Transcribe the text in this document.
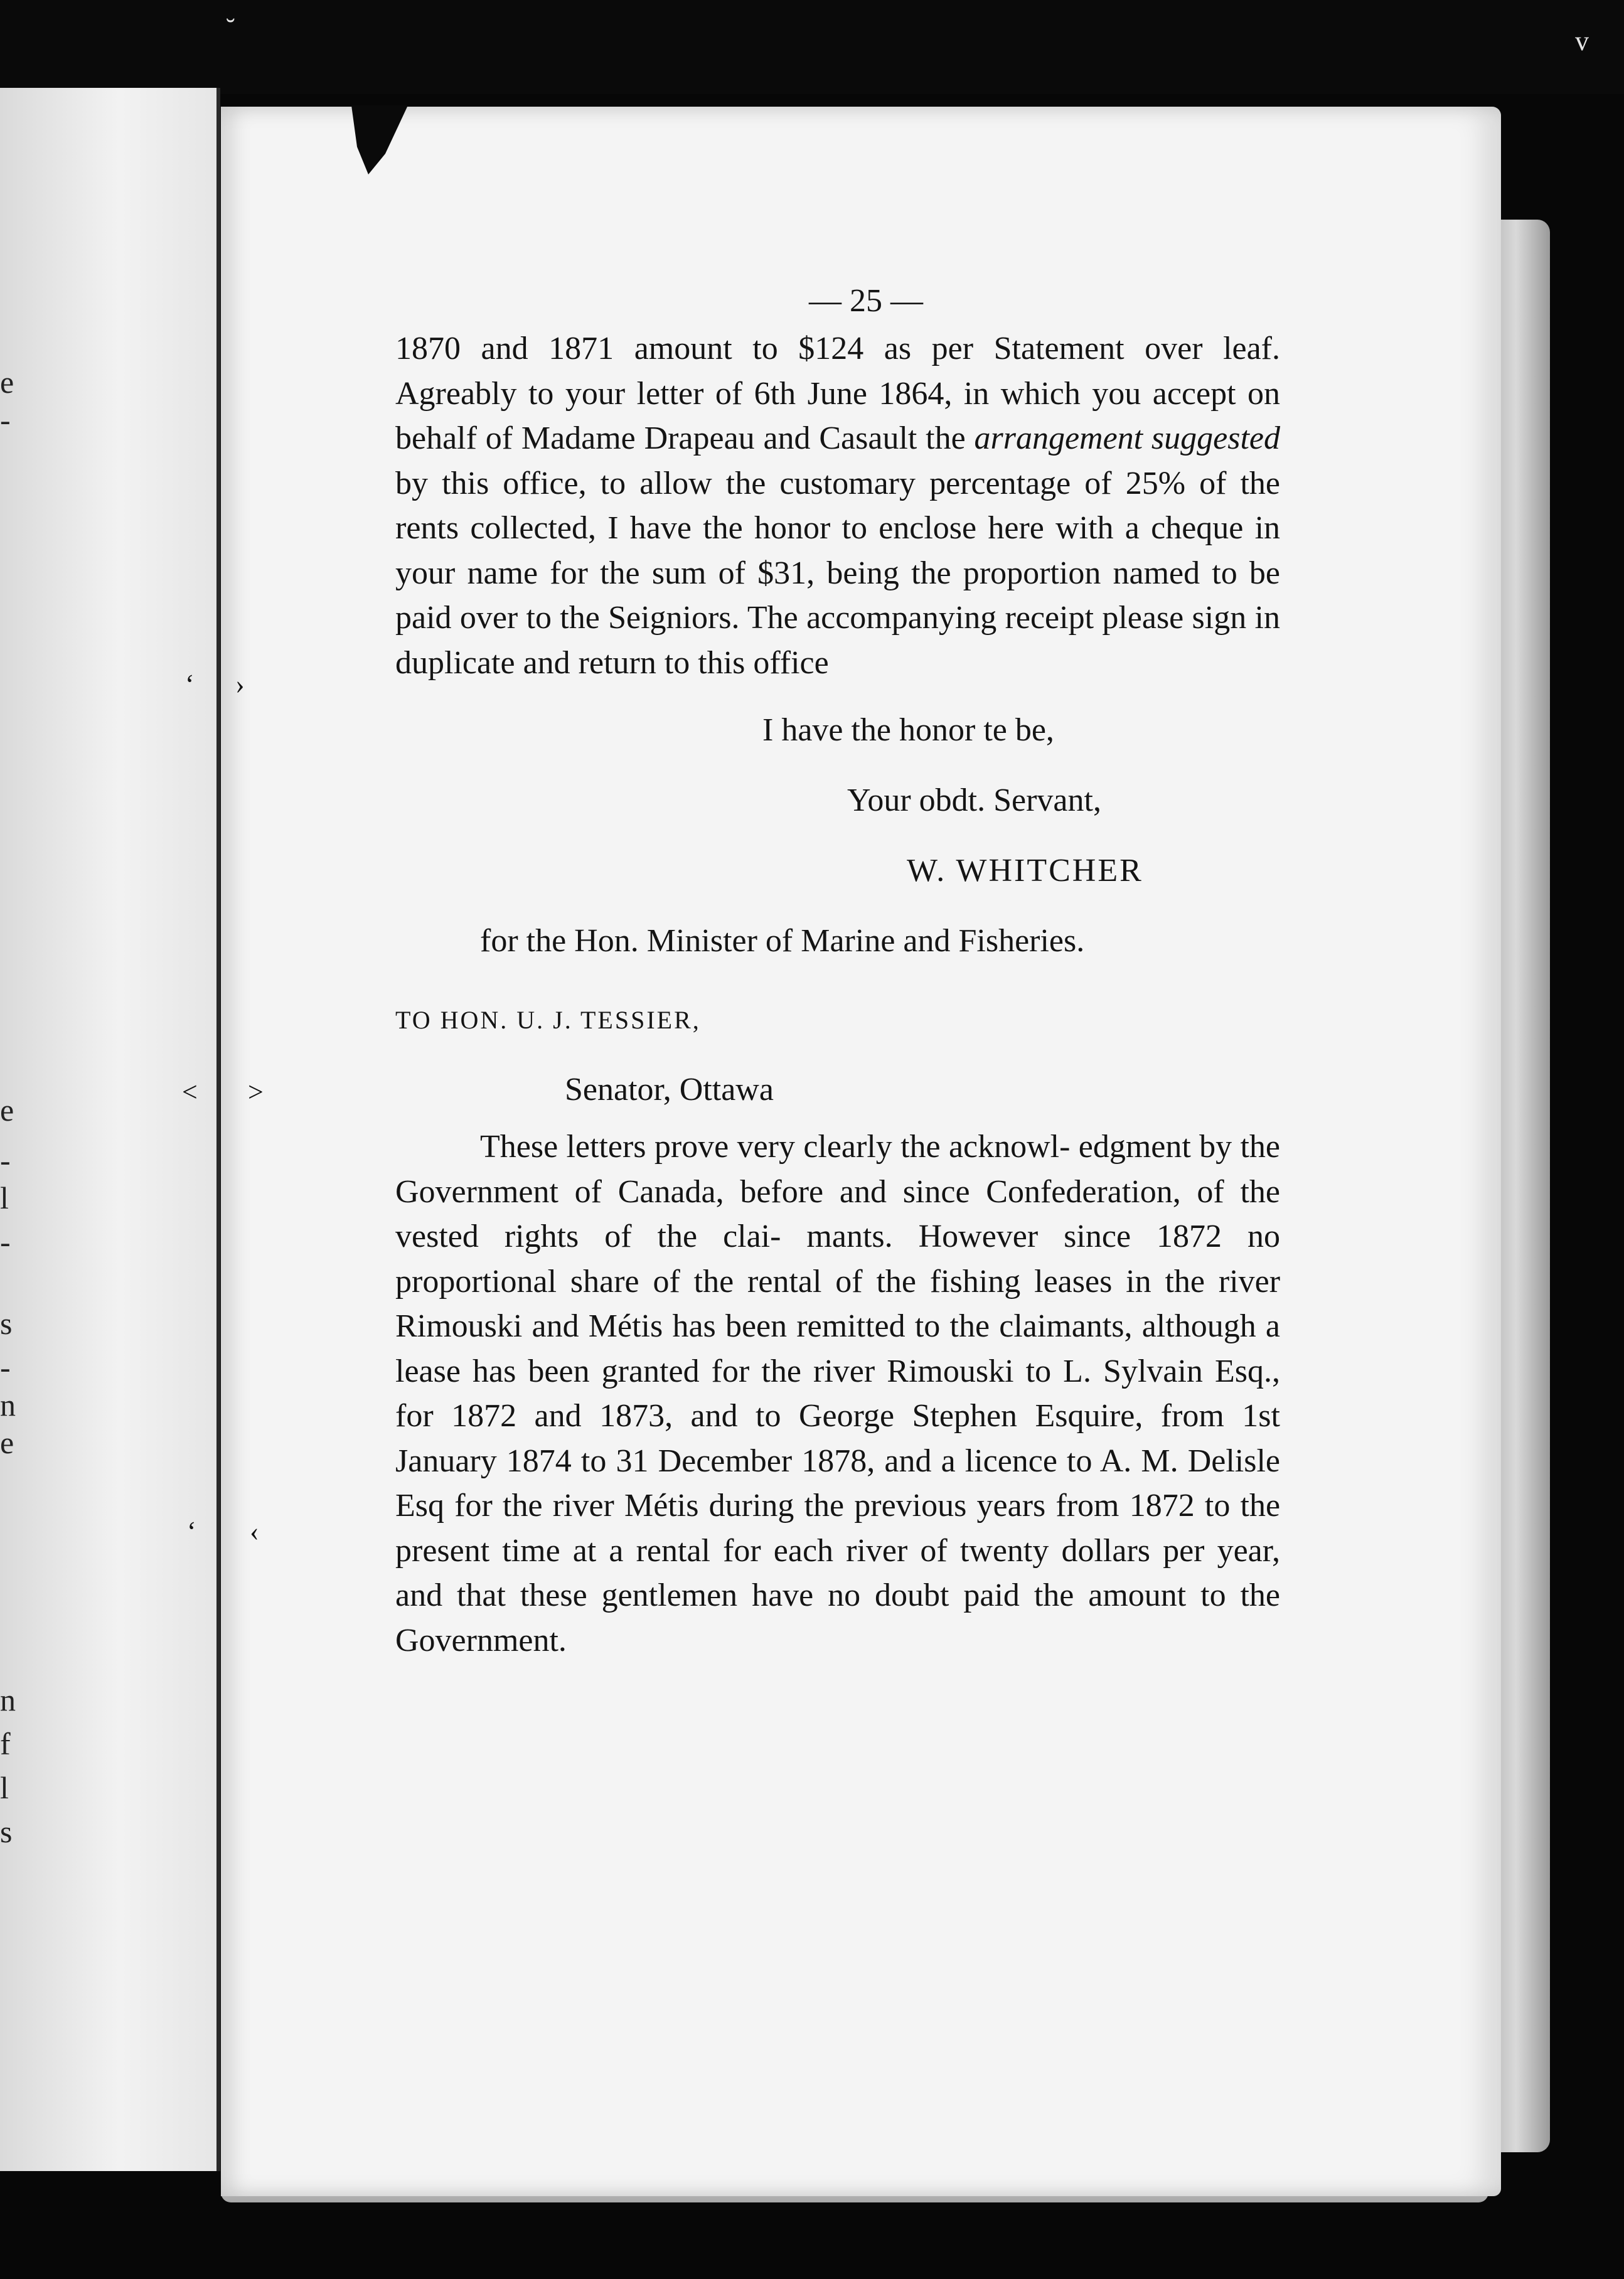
e
-
e
-
l
-
s
-
n
e
n
f
l
s
‘ ›
˂ ˃
‘ ‹
˘	v
— 25 —

1870 and 1871 amount to $124 as per Statement over leaf. Agreably to your letter of 6th June 1864, in which you accept on behalf of Madame Drapeau and Casault the arrangement suggested by this office, to allow the customary percentage of 25% of the rents collected, I have the honor to enclose here with a cheque in your name for the sum of $31, being the proportion named to be paid over to the Seigniors. The accompanying receipt please sign in duplicate and return to this office

I have the honor te be,
Your obdt. Servant,
W. WHITCHER
for the Hon. Minister of Marine and Fisheries.
TO HON. U. J. TESSIER,
Senator, Ottawa

These letters prove very clearly the acknowl- edgment by the Government of Canada, before and since Confederation, of the vested rights of the clai- mants. However since 1872 no proportional share of the rental of the fishing leases in the river Rimouski and Métis has been remitted to the claimants, although a lease has been granted for the river Rimouski to L. Sylvain Esq., for 1872 and 1873, and to George Stephen Esquire, from 1st January 1874 to 31 December 1878, and a licence to A. M. Delisle Esq for the river Métis during the previous years from 1872 to the present time at a rental for each river of twenty dollars per year, and that these gentlemen have no doubt paid the amount to the Government.
